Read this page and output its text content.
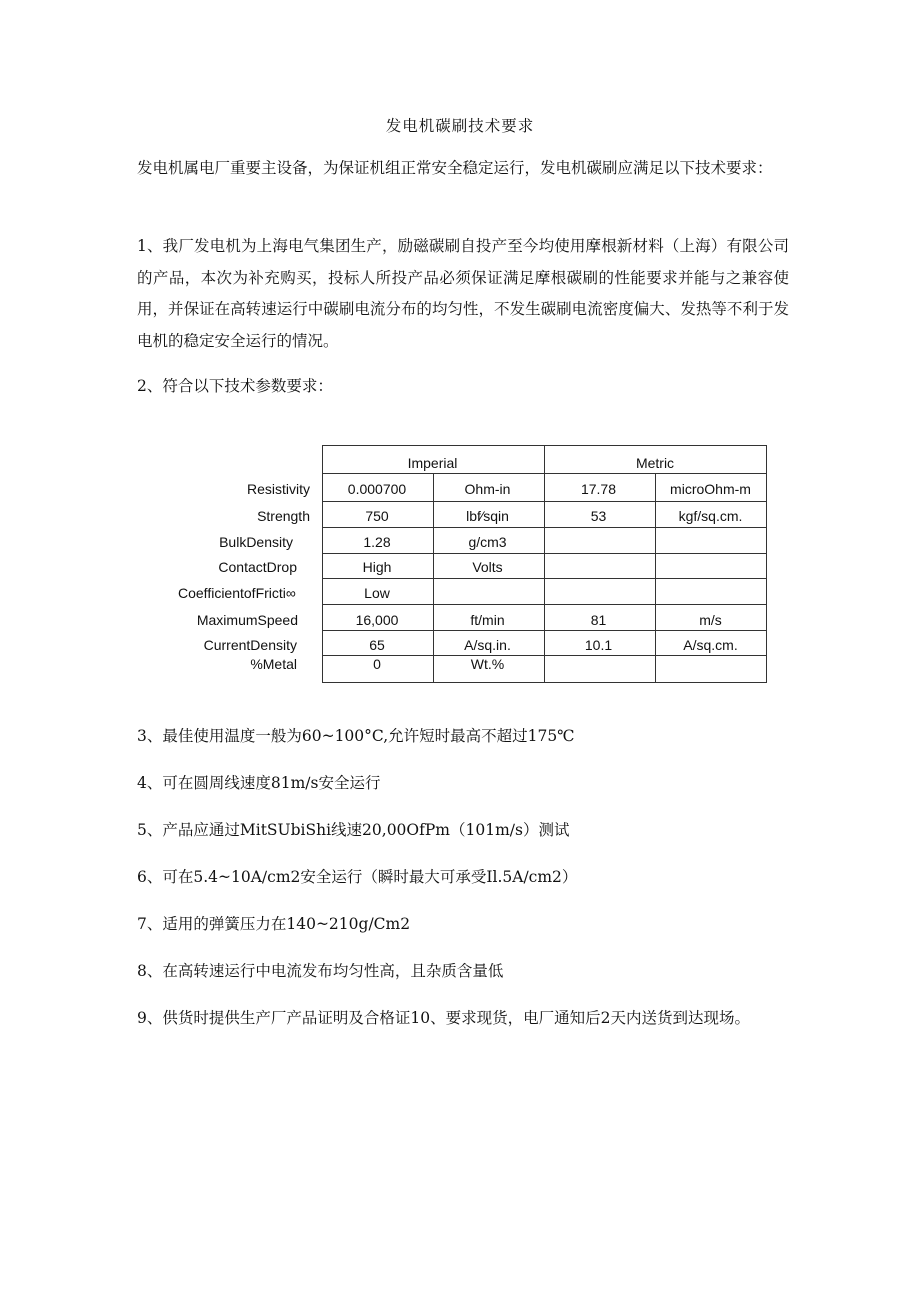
发电机碳刷技术要求

发电机属电厂重要主设备，为保证机组正常安全稳定运行，发电机碳刷应满足以下技术要求：

1、我厂发电机为上海电气集团生产，励磁碳刷自投产至今均使用摩根新材料（上海）有限公司的产品，本次为补充购买，投标人所投产品必须保证满足摩根碳刷的性能要求并能与之兼容使用，并保证在高转速运行中碳刷电流分布的均匀性，不发生碳刷电流密度偏大、发热等不利于发电机的稳定安全运行的情况。

2、符合以下技术参数要求：

Imperial	Metric
Resistivity	0.000700	Ohm-in	17.78	microOhm-m
Strength	750	lbf∕sqin	53	kgf/sq.cm.
BulkDensity	1.28	g/cm3
ContactDrop	High	Volts
CoefficientofFricti∞	Low
MaximumSpeed	16,000	ft/min	81	m/s
CurrentDensity	65	A/sq.in.	10.1	A/sq.cm.
%Metal	0	Wt.%

3、最佳使用温度一般为60~100°C,允许短时最高不超过175℃

4、可在圆周线速度81m∕s安全运行

5、产品应通过MitSUbiShi线速20,00OfPm（101m∕s）测试

6、可在5.4~10A∕cm2安全运行（瞬时最大可承受Il.5A∕cm2）

7、适用的弹簧压力在140~210g/Cm2

8、在高转速运行中电流发布均匀性高，且杂质含量低

9、供货时提供生产厂产品证明及合格证10、要求现货，电厂通知后2天内送货到达现场。
